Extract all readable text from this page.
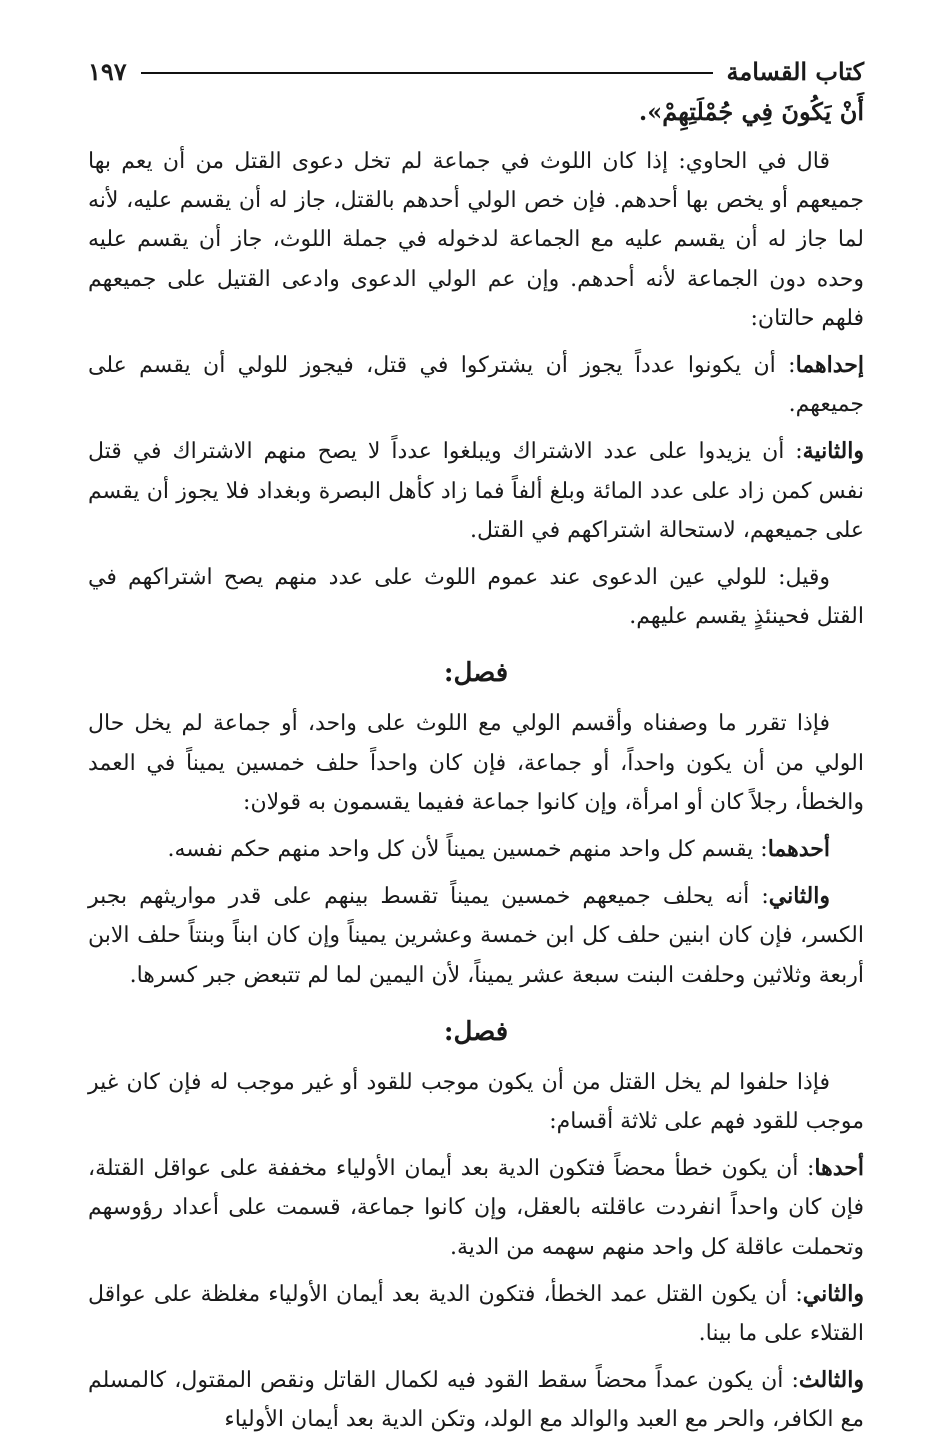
كتاب القسامة
١٩٧

أَنْ يَكُونَ فِي جُمْلَتِهِمْ».

قال في الحاوي: إذا كان اللوث في جماعة لم تخل دعوى القتل من أن يعم بها جميعهم أو يخص بها أحدهم. فإن خص الولي أحدهم بالقتل، جاز له أن يقسم عليه، لأنه لما جاز له أن يقسم عليه مع الجماعة لدخوله في جملة اللوث، جاز أن يقسم عليه وحده دون الجماعة لأنه أحدهم. وإن عم الولي الدعوى وادعى القتيل على جميعهم فلهم حالتان:

إحداهما: أن يكونوا عدداً يجوز أن يشتركوا في قتل، فيجوز للولي أن يقسم على جميعهم.

والثانية: أن يزيدوا على عدد الاشتراك ويبلغوا عدداً لا يصح منهم الاشتراك في قتل نفس كمن زاد على عدد المائة وبلغ ألفاً فما زاد كأهل البصرة وبغداد فلا يجوز أن يقسم على جميعهم، لاستحالة اشتراكهم في القتل.

وقيل: للولي عين الدعوى عند عموم اللوث على عدد منهم يصح اشتراكهم في القتل فحينئذٍ يقسم عليهم.

فصل:

فإذا تقرر ما وصفناه وأقسم الولي مع اللوث على واحد، أو جماعة لم يخل حال الولي من أن يكون واحداً، أو جماعة، فإن كان واحداً حلف خمسين يميناً في العمد والخطأ، رجلاً كان أو امرأة، وإن كانوا جماعة ففيما يقسمون به قولان:

أحدهما: يقسم كل واحد منهم خمسين يميناً لأن كل واحد منهم حكم نفسه.

والثاني: أنه يحلف جميعهم خمسين يميناً تقسط بينهم على قدر مواريثهم بجبر الكسر، فإن كان ابنين حلف كل ابن خمسة وعشرين يميناً وإن كان ابناً وبنتاً حلف الابن أربعة وثلاثين وحلفت البنت سبعة عشر يميناً، لأن اليمين لما لم تتبعض جبر كسرها.

فصل:

فإذا حلفوا لم يخل القتل من أن يكون موجب للقود أو غير موجب له فإن كان غير موجب للقود فهم على ثلاثة أقسام:

أحدها: أن يكون خطأ محضاً فتكون الدية بعد أيمان الأولياء مخففة على عواقل القتلة، فإن كان واحداً انفردت عاقلته بالعقل، وإن كانوا جماعة، قسمت على أعداد رؤوسهم وتحملت عاقلة كل واحد منهم سهمه من الدية.

والثاني: أن يكون القتل عمد الخطأ، فتكون الدية بعد أيمان الأولياء مغلظة على عواقل القتلاء على ما بينا.

والثالث: أن يكون عمداً محضاً سقط القود فيه لكمال القاتل ونقص المقتول، كالمسلم مع الكافر، والحر مع العبد والوالد مع الولد، وتكن الدية بعد أيمان الأولياء
